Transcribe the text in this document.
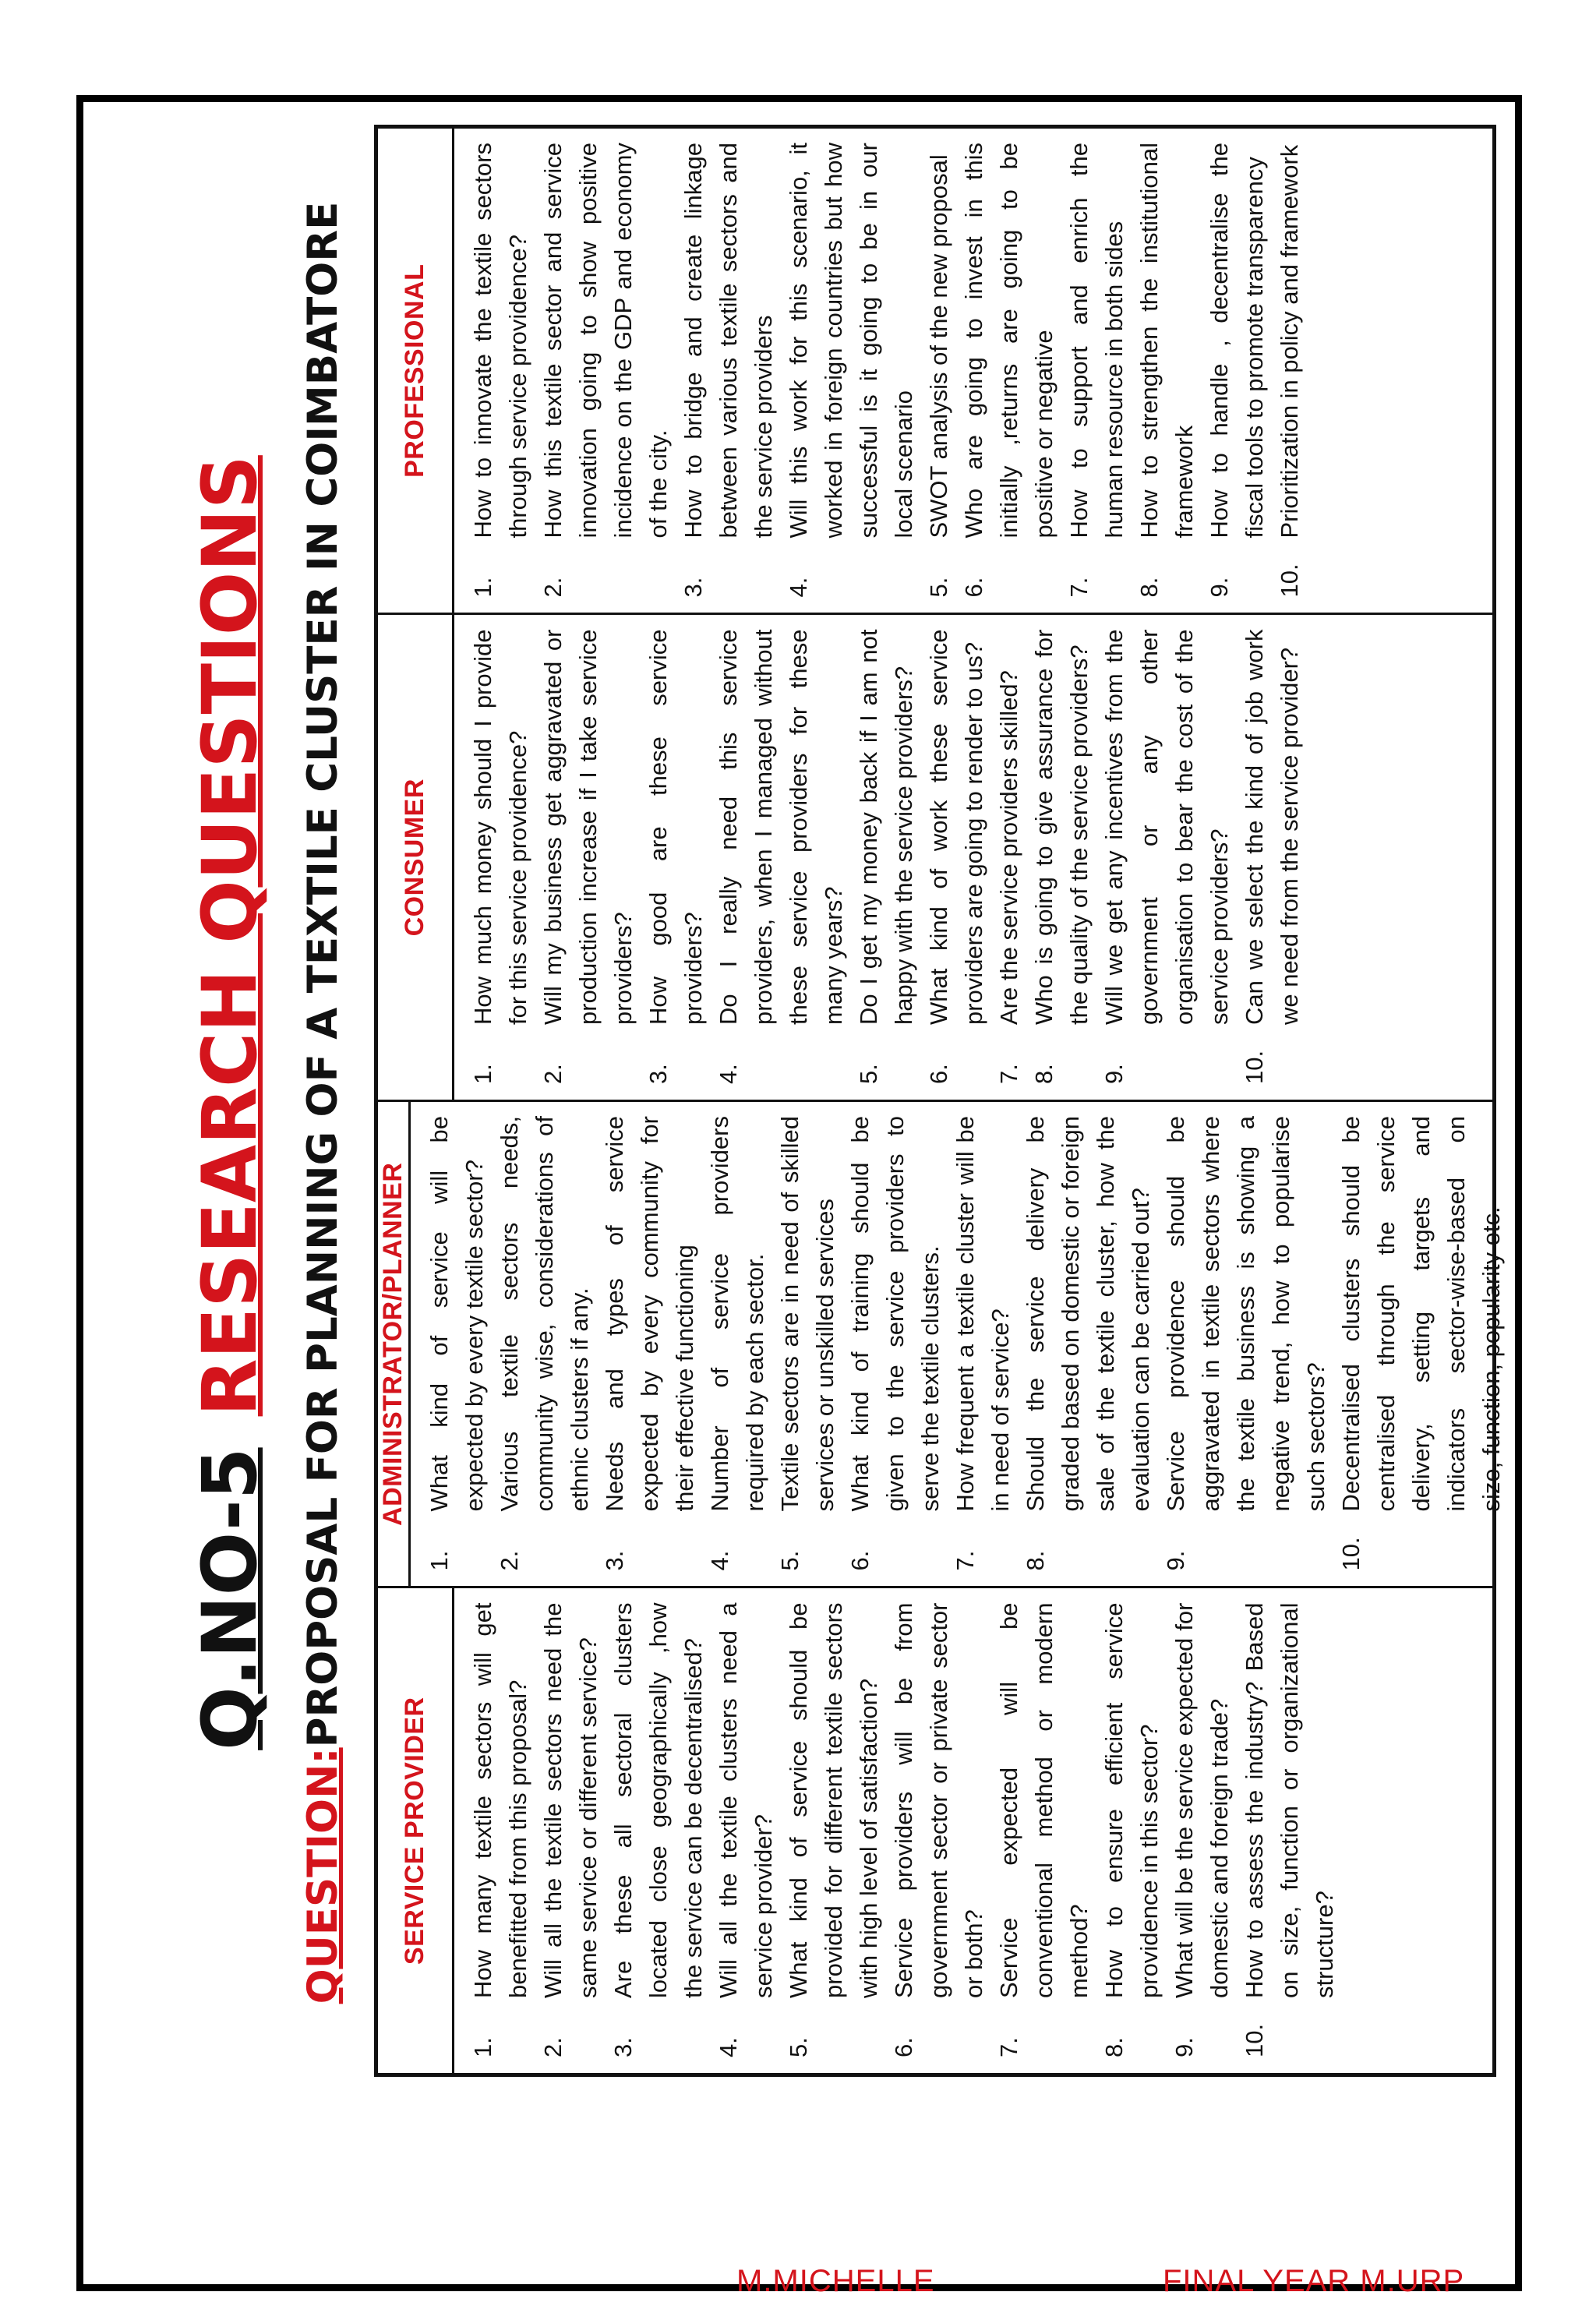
Q.NO-5RESEARCH QUESTIONS
QUESTION:PROPOSAL FOR PLANNING OF A TEXTILE CLUSTER IN COIMBATORE
SERVICE PROVIDER
1.
How many textile sectors will get benefitted from this proposal?
2.
Will all the textile sectors need the same service or different service?
3.
Are these all sectoral clusters located close geographically ,how the service can be decentralised?
4.
Will all the textile clusters need a service provider?
5.
What kind of service should be provided for different textile sectors with high level of satisfaction?
6.
Service providers will be from government sector or private sector or both?
7.
Service expected will be conventional method or modern method?
8.
How to ensure efficient service providence in this sector?
9.
What will be the service expected for domestic and foreign trade?
10.
How to assess the industry? Based on size, function or organizational structure?
ADMINISTRATOR/PLANNER
1.
What kind of service will be expected by every textile sector?
2.
Various textile sectors needs, community wise, considerations of ethnic clusters if any.
3.
Needs and types of service expected by every community for their effective functioning
4.
Number of service providers required by each sector.
5.
Textile sectors are in need of skilled services or unskilled services
6.
What kind of training should be given to the service providers to serve the textile clusters.
7.
How frequent a textile cluster will be in need of service?
8.
Should the service delivery be graded based on domestic or foreign sale of the textile cluster, how the evaluation can be carried out?
9.
Service providence should be aggravated in textile sectors where the textile business is showing a negative trend, how to popularise such sectors?
10.
Decentralised clusters should be centralised through the service delivery, setting targets and indicators sector-wise-based on size, function, popularity etc.
CONSUMER
1.
How much money should I provide for this service providence?
2.
Will my business get aggravated or production increase if I take service providers?
3.
How good are these service providers?
4.
Do I really need this service providers, when I managed without these service providers for these many years?
5.
Do I get my money back if I am not happy with the service providers?
6.
What kind of work these service providers are going to render to us?
7.
Are the service providers skilled?
8.
Who is going to give assurance for the quality of the service providers?
9.
Will we get any incentives from the government or any other organisation to bear the cost of the service providers?
10.
Can we select the kind of job work we need from the service provider?
PROFESSIONAL
1.
How to innovate the textile sectors through service providence?
2.
How this textile sector and service innovation going to show positive incidence on the GDP and economy of the city.
3.
How to bridge and create linkage between various textile sectors and the service providers
4.
Will this work for this scenario, it worked in foreign countries but how successful is it going to be in our local scenario
5.
SWOT analysis of the new proposal
6.
Who are going to invest in this initially ,returns are going to be positive or negative
7.
How to support and enrich the human resource in both sides
8.
How to strengthen the institutional framework
9.
How to handle , decentralise the fiscal tools to promote transparency
10.
Prioritization in policy and framework
M.MICHELLE	FINAL YEAR M.URP
